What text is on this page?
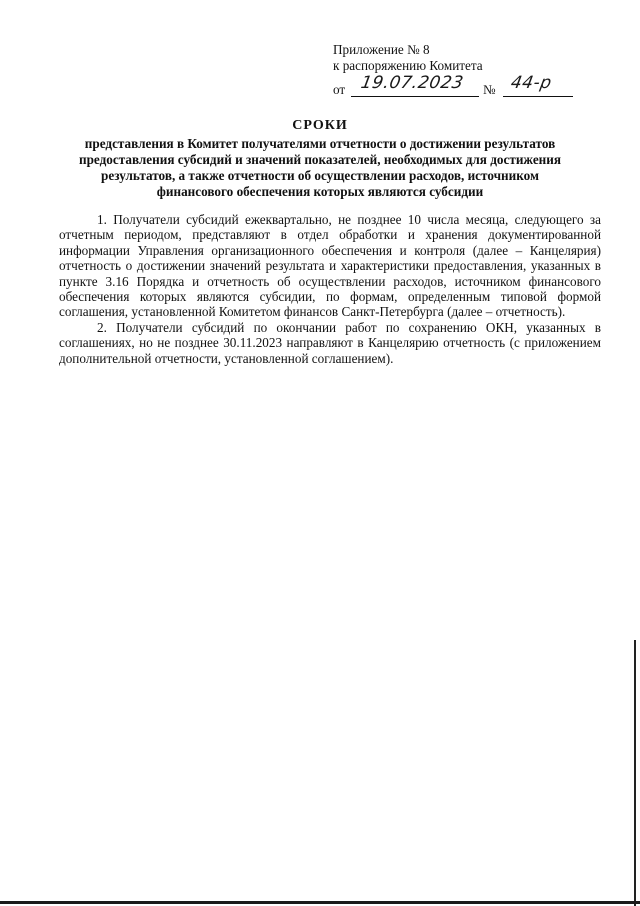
Приложение № 8
к распоряжению Комитета
от 19.07.2023 № 44-р
СРОКИ
представления в Комитет получателями отчетности о достижении результатов предоставления субсидий и значений показателей, необходимых для достижения результатов, а также отчетности об осуществлении расходов, источником финансового обеспечения которых являются субсидии

1. Получатели субсидий ежеквартально, не позднее 10 числа месяца, следующего за отчетным периодом, представляют в отдел обработки и хранения документированной информации Управления организационного обеспечения и контроля (далее – Канцелярия) отчетность о достижении значений результата и характеристики предоставления, указанных в пункте 3.16 Порядка и отчетность об осуществлении расходов, источником финансового обеспечения которых являются субсидии, по формам, определенным типовой формой соглашения, установленной Комитетом финансов Санкт-Петербурга (далее – отчетность).

2. Получатели субсидий по окончании работ по сохранению ОКН, указанных в соглашениях, но не позднее 30.11.2023 направляют в Канцелярию отчетность (с приложением дополнительной отчетности, установленной соглашением).
